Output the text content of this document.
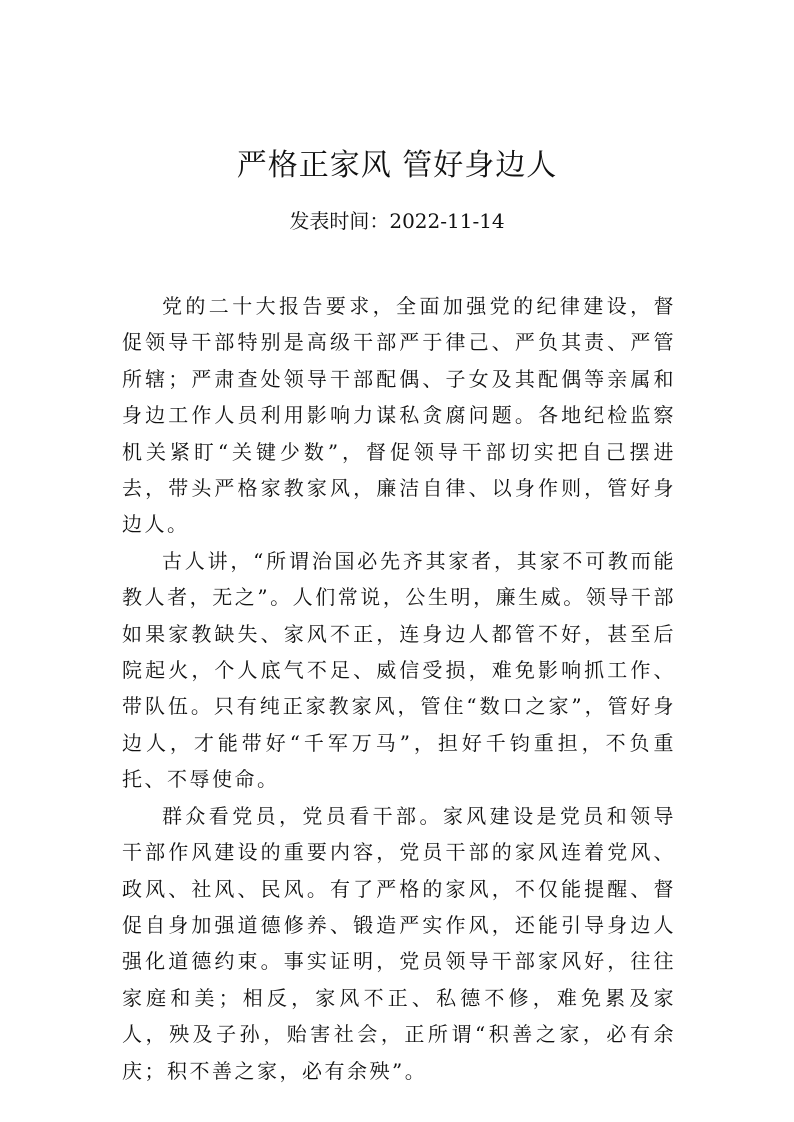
严格正家风 管好身边人

发表时间：2022-11-14

党的二十大报告要求，全面加强党的纪律建设，督促领导干部特别是高级干部严于律己、严负其责、严管所辖；严肃查处领导干部配偶、子女及其配偶等亲属和身边工作人员利用影响力谋私贪腐问题。各地纪检监察机关紧盯“关键少数”，督促领导干部切实把自己摆进去，带头严格家教家风，廉洁自律、以身作则，管好身边人。

古人讲，“所谓治国必先齐其家者，其家不可教而能教人者，无之”。人们常说，公生明，廉生威。领导干部如果家教缺失、家风不正，连身边人都管不好，甚至后院起火，个人底气不足、威信受损，难免影响抓工作、带队伍。只有纯正家教家风，管住“数口之家”，管好身边人，才能带好“千军万马”，担好千钧重担，不负重托、不辱使命。

群众看党员，党员看干部。家风建设是党员和领导干部作风建设的重要内容，党员干部的家风连着党风、政风、社风、民风。有了严格的家风，不仅能提醒、督促自身加强道德修养、锻造严实作风，还能引导身边人强化道德约束。事实证明，党员领导干部家风好，往往家庭和美；相反，家风不正、私德不修，难免累及家人，殃及子孙，贻害社会，正所谓“积善之家，必有余庆；积不善之家，必有余殃”。
